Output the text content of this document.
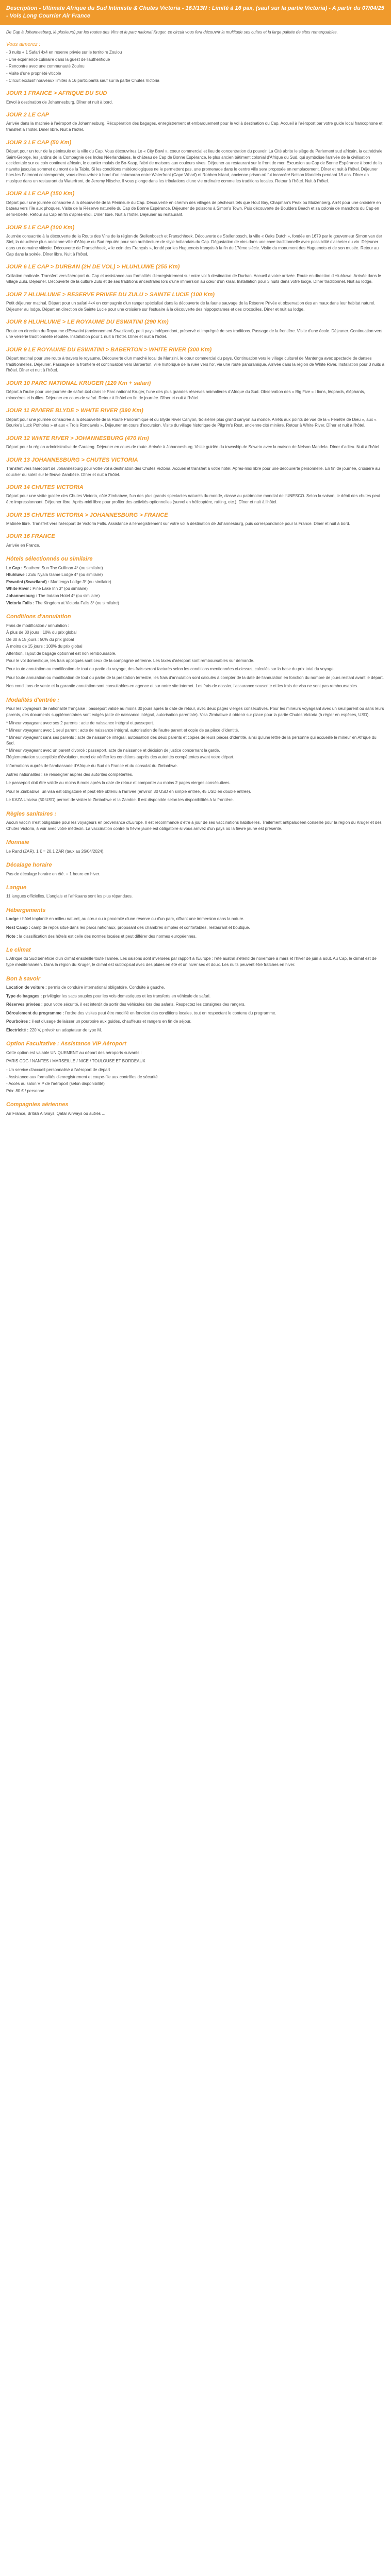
Description - Ultimate Afrique du Sud Intimiste & Chutes Victoria - 16J/13N : Limité à 16 pax, (sauf sur la partie Victoria) - A partir du 07/04/25 - Vols Long Courrier Air France

De Cap à Johannesburg, lé plusieurs) par les routes des Vins et le parc national Kruger, ce circuit vous fera découvrir la multitude ses cultes et la large palette de sites remarquables.

Vous aimerez :

- 3 nuits + 1 Safari 4x4 en reserve privée sur le territoire Zoulou

- Une expérience culinaire dans la guest de l'authentique

- Rencontre avec une communauté Zoulou

- Visite d'une propriété viticole

- Circuit exclusif nouveaux limités à 16 participants sauf sur la partie Chutes Victoria

JOUR 1 FRANCE > AFRIQUE DU SUD

Envol à destination de Johannesburg. Dîner et nuit à bord.

JOUR 2 LE CAP

Arrivée dans la matinée à l'aéroport de Johannesburg. Récupération des bagages, enregistrement et embarquement pour le vol à destination du Cap. Accueil à l'aéroport par votre guide local francophone et transfert à l'hôtel. Dîner libre. Nuit à l'hôtel.

JOUR 3 LE CAP (50 Km)

Départ pour un tour de la péninsule et la ville du Cap. Vous découvrirez Le « City Bowl », coeur commercial et lieu de concentration du pouvoir. La Cité abrite le siège du Parlement sud africain, la cathédrale Saint-George, les jardins de la Compagnie des Indes Néerlandaises, le château de Cap de Bonne Espérance, le plus ancien bâtiment colonial d'Afrique du Sud, qui symbolise l'arrivée de la civilisation occidentale sur ce coin continent africain, le quartier malais de Bo-Kaap, l'abri de maisons aux couleurs vives. Déjeuner au restaurant sur le front de mer. Excursion au Cap de Bonne Espérance à bord de la navette jusqu'au sommet du mont de la Table. Si les conditions météorologiques ne le permettent pas, une promenade dans le centre ville sera proposée en remplacement. Dîner et nuit à l'hôtel. Déjeuner hors les Fairmont contemporain, vous découvrirez à bord d'un catamaran entre Waterfront (Cape Wharf) et Robben Island, ancienne prison où fut incarcéré Nelson Mandela pendant 18 ans. Dîner en musique dans un restaurant du Waterfront, de Jeremy Nitsche. Il vous plonge dans les tribulations d'une vie ordinaire comme les traditions locales. Retour à l'hôtel. Nuit à l'hôtel.

JOUR 4 LE CAP (150 Km)

Départ pour une journée consacrée à la découverte de la Péninsule du Cap. Découverte en chemin des villages de pêcheurs tels que Hout Bay, Chapman's Peak ou Muizenberg. Arrêt pour une croisière en bateau vers l'île aux phoques. Visite de la Réserve naturelle du Cap de Bonne Espérance. Déjeuner de poissons à Simon's Town. Puis découverte de Boulders Beach et sa colonie de manchots du Cap en semi-liberté. Retour au Cap en fin d'après-midi. Dîner libre. Nuit à l'hôtel. Déjeuner au restaurant.

JOUR 5 LE CAP (100 Km)

Journée consacrée à la découverte de la Route des Vins de la région de Stellenbosch et Franschhoek. Découverte de Stellenbosch, la ville « Oaks Dutch », fondée en 1679 par le gouverneur Simon van der Stel, la deuxième plus ancienne ville d'Afrique du Sud réputée pour son architecture de style hollandais du Cap. Dégustation de vins dans une cave traditionnelle avec possibilité d'acheter du vin. Déjeuner dans un domaine viticole. Découverte de Franschhoek, « le coin des Français », fondé par les Huguenots français à la fin du 17ème siècle. Visite du monument des Huguenots et de son musée. Retour au Cap dans la soirée. Dîner libre. Nuit à l'hôtel.

JOUR 6 LE CAP > DURBAN (2H DE VOL) > HLUHLUWE (255 Km)

Collation matinale. Transfert vers l'aéroport du Cap et assistance aux formalités d'enregistrement sur votre vol à destination de Durban. Accueil à votre arrivée. Route en direction d'Hluhluwe. Arrivée dans le village Zulu. Déjeuner. Découverte de la culture Zulu et de ses traditions ancestrales lors d'une immersion au cœur d'un kraal. Installation pour 3 nuits dans votre lodge. Dîner traditionnel. Nuit au lodge.

JOUR 7 HLUHLUWE > RESERVE PRIVEE DU ZULU > SAINTE LUCIE (100 Km)

Petit déjeuner matinal. Départ pour un safari 4x4 en compagnie d'un ranger spécialisé dans la découverte de la faune sauvage de la Réserve Privée et observation des animaux dans leur habitat naturel. Déjeuner au lodge. Départ en direction de Sainte Lucie pour une croisière sur l'estuaire à la découverte des hippopotames et des crocodiles. Dîner et nuit au lodge.

JOUR 8 HLUHLUWE > LE ROYAUME DU ESWATINI (290 Km)

Route en direction du Royaume d'Eswatini (anciennement Swaziland), petit pays indépendant, préservé et imprégné de ses traditions. Passage de la frontière. Visite d'une école. Déjeuner. Continuation vers une verrerie traditionnelle réputée. Installation pour 1 nuit à l'hôtel. Dîner et nuit à l'hôtel.

JOUR 9 LE ROYAUME DU ESWATINI > BABERTON > WHITE RIVER (300 Km)

Départ matinal pour une route à travers le royaume. Découverte d'un marché local de Manzini, le cœur commercial du pays. Continuation vers le village culturel de Mantenga avec spectacle de danses traditionnelles. Déjeuner. Passage de la frontière et continuation vers Barberton, ville historique de la ruée vers l'or, via une route panoramique. Arrivée dans la région de White River. Installation pour 3 nuits à l'hôtel. Dîner et nuit à l'hôtel.

JOUR 10 PARC NATIONAL KRUGER (120 Km + safari)

Départ à l'aube pour une journée de safari 4x4 dans le Parc national Kruger, l'une des plus grandes réserves animalières d'Afrique du Sud. Observation des « Big Five » : lions, léopards, éléphants, rhinocéros et buffles. Déjeuner en cours de safari. Retour à l'hôtel en fin de journée. Dîner et nuit à l'hôtel.

JOUR 11 RIVIERE BLYDE > WHITE RIVER (390 Km)

Départ pour une journée consacrée à la découverte de la Route Panoramique et du Blyde River Canyon, troisième plus grand canyon au monde. Arrêts aux points de vue de la « Fenêtre de Dieu », aux « Bourke's Luck Potholes » et aux « Trois Rondavels ». Déjeuner en cours d'excursion. Visite du village historique de Pilgrim's Rest, ancienne cité minière. Retour à White River. Dîner et nuit à l'hôtel.

JOUR 12 WHITE RIVER > JOHANNESBURG (470 Km)

Départ pour la région administrative de Gauteng. Déjeuner en cours de route. Arrivée à Johannesburg. Visite guidée du township de Soweto avec la maison de Nelson Mandela. Dîner d'adieu. Nuit à l'hôtel.

JOUR 13 JOHANNESBURG > CHUTES VICTORIA

Transfert vers l'aéroport de Johannesburg pour votre vol à destination des Chutes Victoria. Accueil et transfert à votre hôtel. Après-midi libre pour une découverte personnelle. En fin de journée, croisière au coucher du soleil sur le fleuve Zambèze. Dîner et nuit à l'hôtel.

JOUR 14 CHUTES VICTORIA

Départ pour une visite guidée des Chutes Victoria, côté Zimbabwe, l'un des plus grands spectacles naturels du monde, classé au patrimoine mondial de l'UNESCO. Selon la saison, le débit des chutes peut être impressionnant. Déjeuner libre. Après-midi libre pour profiter des activités optionnelles (survol en hélicoptère, rafting, etc.). Dîner et nuit à l'hôtel.

JOUR 15 CHUTES VICTORIA > JOHANNESBURG > FRANCE

Matinée libre. Transfert vers l'aéroport de Victoria Falls. Assistance à l'enregistrement sur votre vol à destination de Johannesburg, puis correspondance pour la France. Dîner et nuit à bord.

JOUR 16 FRANCE

Arrivée en France.

Hôtels sélectionnés ou similaire

Le Cap : Southern Sun The Cullinan 4* (ou similaire)

Hluhluwe : Zulu Nyala Game Lodge 4* (ou similaire)

Eswatini (Swaziland) : Mantenga Lodge 3* (ou similaire)

White River : Pine Lake Inn 3* (ou similaire)

Johannesburg : The Indaba Hotel 4* (ou similaire)

Victoria Falls : The Kingdom at Victoria Falls 3* (ou similaire)

Conditions d'annulation

Frais de modification / annulation :

À plus de 30 jours : 10% du prix global

De 30 à 15 jours : 50% du prix global

À moins de 15 jours : 100% du prix global

Attention, l'ajout de bagage optionnel est non remboursable.

Pour le vol domestique, les frais appliqués sont ceux de la compagnie aérienne. Les taxes d'aéroport sont remboursables sur demande.

Pour toute annulation ou modification de tout ou partie du voyage, des frais seront facturés selon les conditions mentionnées ci-dessus, calculés sur la base du prix total du voyage.

Pour toute annulation ou modification de tout ou partie de la prestation terrestre, les frais d'annulation sont calculés à compter de la date de l'annulation en fonction du nombre de jours restant avant le départ.

Nos conditions de vente et la garantie annulation sont consultables en agence et sur notre site internet. Les frais de dossier, l'assurance souscrite et les frais de visa ne sont pas remboursables.

Modalités d'entrée :

Pour les voyageurs de nationalité française : passeport valide au moins 30 jours après la date de retour, avec deux pages vierges consécutives. Pour les mineurs voyageant avec un seul parent ou sans leurs parents, des documents supplémentaires sont exigés (acte de naissance intégral, autorisation parentale). Visa Zimbabwe à obtenir sur place pour la partie Chutes Victoria (à régler en espèces, USD).

* Mineur voyageant avec ses 2 parents : acte de naissance intégral et passeport.

* Mineur voyageant avec 1 seul parent : acte de naissance intégral, autorisation de l'autre parent et copie de sa pièce d'identité.

* Mineur voyageant sans ses parents : acte de naissance intégral, autorisation des deux parents et copies de leurs pièces d'identité, ainsi qu'une lettre de la personne qui accueille le mineur en Afrique du Sud.

* Mineur voyageant avec un parent divorcé : passeport, acte de naissance et décision de justice concernant la garde.

Réglementation susceptible d'évolution, merci de vérifier les conditions auprès des autorités compétentes avant votre départ.

Informations auprès de l'ambassade d'Afrique du Sud en France et du consulat du Zimbabwe.

Autres nationalités : se renseigner auprès des autorités compétentes.

Le passeport doit être valide au moins 6 mois après la date de retour et comporter au moins 2 pages vierges consécutives.

Pour le Zimbabwe, un visa est obligatoire et peut être obtenu à l'arrivée (environ 30 USD en simple entrée, 45 USD en double entrée).

Le KAZA Univisa (50 USD) permet de visiter le Zimbabwe et la Zambie. Il est disponible selon les disponibilités à la frontière.

Règles sanitaires :

Aucun vaccin n'est obligatoire pour les voyageurs en provenance d'Europe. Il est recommandé d'être à jour de ses vaccinations habituelles. Traitement antipaludéen conseillé pour la région du Kruger et des Chutes Victoria, à voir avec votre médecin. La vaccination contre la fièvre jaune est obligatoire si vous arrivez d'un pays où la fièvre jaune est présente.

Monnaie

Le Rand (ZAR). 1 € = 20,1 ZAR (taux au 26/04/2024).

Décalage horaire

Pas de décalage horaire en été. + 1 heure en hiver.

Langue

11 langues officielles. L'anglais et l'afrikaans sont les plus répandues.

Hébergements

Lodge : hôtel implanté en milieu naturel, au cœur ou à proximité d'une réserve ou d'un parc, offrant une immersion dans la nature.

Rest Camp : camp de repos situé dans les parcs nationaux, proposant des chambres simples et confortables, restaurant et boutique.

Note : la classification des hôtels est celle des normes locales et peut différer des normes européennes.

Le climat

L'Afrique du Sud bénéficie d'un climat ensoleillé toute l'année. Les saisons sont inversées par rapport à l'Europe : l'été austral s'étend de novembre à mars et l'hiver de juin à août. Au Cap, le climat est de type méditerranéen. Dans la région du Kruger, le climat est subtropical avec des pluies en été et un hiver sec et doux. Les nuits peuvent être fraîches en hiver.

Bon à savoir

Location de voiture : permis de conduire international obligatoire. Conduite à gauche.

Type de bagages : privilégier les sacs souples pour les vols domestiques et les transferts en véhicule de safari.

Réserves privées : pour votre sécurité, il est interdit de sortir des véhicules lors des safaris. Respectez les consignes des rangers.

Déroulement du programme : l'ordre des visites peut être modifié en fonction des conditions locales, tout en respectant le contenu du programme.

Pourboires : il est d'usage de laisser un pourboire aux guides, chauffeurs et rangers en fin de séjour.

Électricité : 220 V, prévoir un adaptateur de type M.

Option Facultative : Assistance VIP Aéroport

Cette option est valable UNIQUEMENT au départ des aéroports suivants :

PARIS CDG / NANTES / MARSEILLE / NICE / TOULOUSE ET BORDEAUX

- Un service d'accueil personnalisé à l'aéroport de départ

- Assistance aux formalités d'enregistrement et coupe-file aux contrôles de sécurité

- Accès au salon VIP de l'aéroport (selon disponibilité)

Prix: 80 € / personne

Compagnies aériennes

Air France, British Airways, Qatar Airways ou autres ...
